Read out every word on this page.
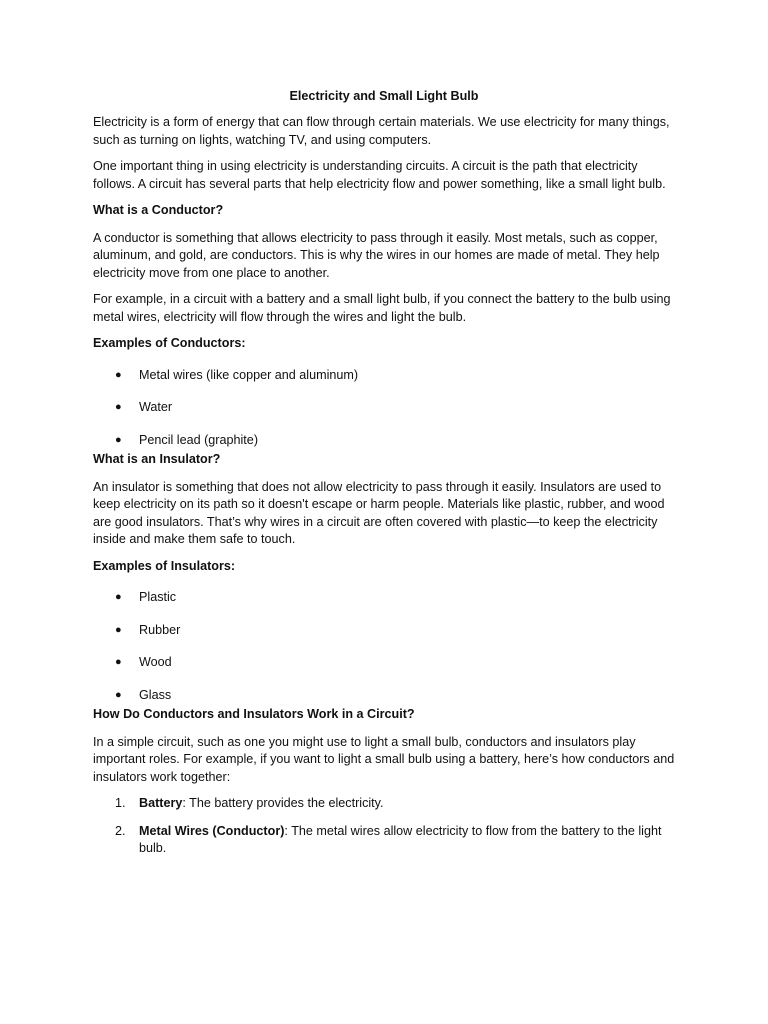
Electricity and Small Light Bulb

Electricity is a form of energy that can flow through certain materials. We use electricity for many things, such as turning on lights, watching TV, and using computers.

One important thing in using electricity is understanding circuits. A circuit is the path that electricity follows. A circuit has several parts that help electricity flow and power something, like a small light bulb.

What is a Conductor?

A conductor is something that allows electricity to pass through it easily. Most metals, such as copper, aluminum, and gold, are conductors. This is why the wires in our homes are made of metal. They help electricity move from one place to another.

For example, in a circuit with a battery and a small light bulb, if you connect the battery to the bulb using metal wires, electricity will flow through the wires and light the bulb.

Examples of Conductors:
● Metal wires (like copper and aluminum)
● Water
● Pencil lead (graphite)
What is an Insulator?

An insulator is something that does not allow electricity to pass through it easily. Insulators are used to keep electricity on its path so it doesn't escape or harm people. Materials like plastic, rubber, and wood are good insulators. That’s why wires in a circuit are often covered with plastic—to keep the electricity inside and make them safe to touch.

Examples of Insulators:
● Plastic
● Rubber
● Wood
● Glass
How Do Conductors and Insulators Work in a Circuit?

In a simple circuit, such as one you might use to light a small bulb, conductors and insulators play important roles. For example, if you want to light a small bulb using a battery, here’s how conductors and insulators work together:

1. Battery: The battery provides the electricity.
2. Metal Wires (Conductor): The metal wires allow electricity to flow from the battery to the light bulb.
